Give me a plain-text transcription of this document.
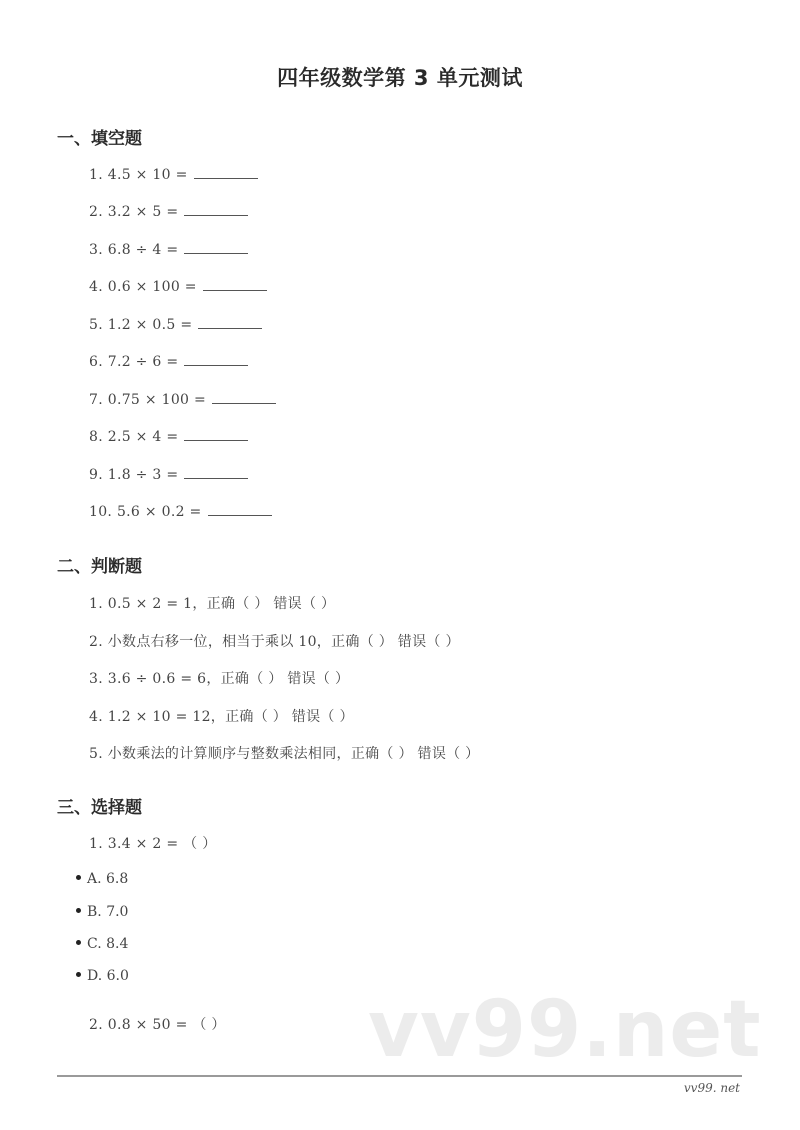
四年级数学第 3 单元测试
一、填空题
1. 4.5 × 10 =
2. 3.2 × 5 =
3. 6.8 ÷ 4 =
4. 0.6 × 100 =
5. 1.2 × 0.5 =
6. 7.2 ÷ 6 =
7. 0.75 × 100 =
8. 2.5 × 4 =
9. 1.8 ÷ 3 =
10. 5.6 × 0.2 =
二、判断题
1. 0.5 × 2 = 1，正确（ ） 错误（ ）
2. 小数点右移一位，相当于乘以 10，正确（ ） 错误（ ）
3. 3.6 ÷ 0.6 = 6，正确（ ） 错误（ ）
4. 1.2 × 10 = 12，正确（ ） 错误（ ）
5. 小数乘法的计算顺序与整数乘法相同，正确（ ） 错误（ ）
三、选择题
1. 3.4 × 2 = （ ）
A. 6.8
B. 7.0
C. 8.4
D. 6.0
2. 0.8 × 50 = （ ） vv99.net
vv99. net
